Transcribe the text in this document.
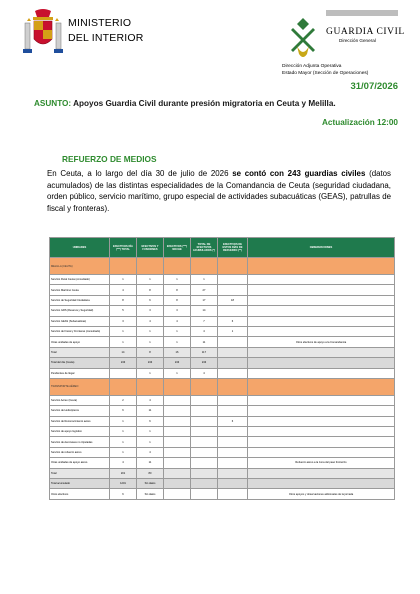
MINISTERIO
DEL INTERIOR	GUARDIA CIVIL
Dirección General
Dirección Adjunta Operativa
Estado Mayor (Sección de Operaciones)
31/07/2026
ASUNTO: Apoyos Guardia Civil durante presión migratoria en Ceuta y Melilla.
Actualización 12:00
REFUERZO DE MEDIOS
En Ceuta, a lo largo del día 30 de julio de 2026 se contó con 243 guardias civiles (datos acumulados) de las distintas especialidades de la Comandancia de Ceuta (seguridad ciudadana, orden público, servicio marítimo, grupo especial de actividades subacuáticas (GEAS), patrullas de fiscal y fronteras).
UNIDADES	EFECTIVOS DÍA (***) TOTAL	EFECTIVOS Y FUNCIONES	EFECTIVOS (***) NOCHE	TOTAL DE EFECTIVOS ACUMULADOS (*)	EFECTIVOS DE ESTOS DÍAS DE REFUERZO (**)	OBSERVACIONES
MELILLA (CEUTA)						
Servicio Rural Ceuta (consultado)	1	1	1	1		
Servicio Marítimo Ceuta	4	8	8	27		
Servicio de Seguridad Ciudadana	8	6	8	17	18	
Servicio GRS (Reserva y Seguridad)	5	3	3	14		
Servicio GEAS (Subacuáticas)	3	4	4	7	6	
Servicio de Fiscal y Fronteras (consultado)	1	1	1	4	1	
Otras unidades de apoyo	1	1	1	11		Otros efectivos de apoyo a la Comandancia
Total	14	8	16	117		
Total del día (Ceuta)	243	243	243	243		
Pendientes de llegar		1	1	4		
TRANSPORTE AÉREO						
Servicio Aéreo (Ceuta)	2	4				
Servicio de Helicópteros	6	11				
Servicio de Reconocimiento aéreo	1	6			6	
Servicio de apoyo logístico	1	1				
Servicio de Aeronaves no tripuladas	1	1				
Servicio de refuerzo aéreo	1	4				
Otras unidades de apoyo aéreo	4	11				Refuerzo aéreo a la zona del paso fronterizo
Total	201	80				
Total acumulado	1201	Sin datos				
Otros efectivos	6	Sin datos				Otros apoyos y observaciones adicionales de la jornada
